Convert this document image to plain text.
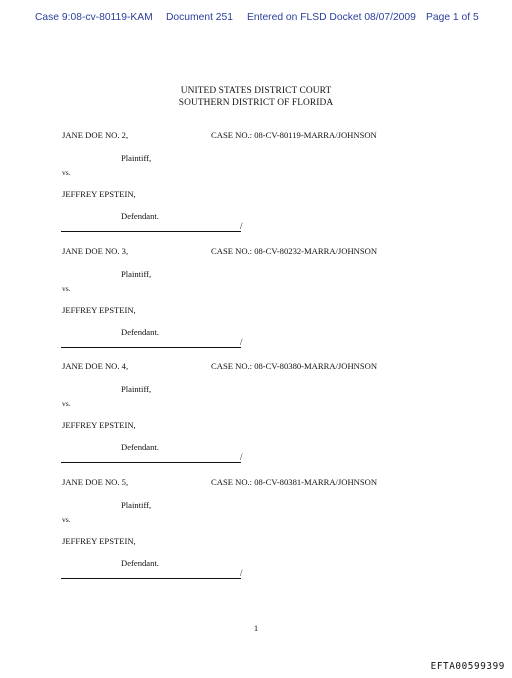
Case 9:08-cv-80119-KAM Document 251 Entered on FLSD Docket 08/07/2009 Page 1 of 5
UNITED STATES DISTRICT COURT
SOUTHERN DISTRICT OF FLORIDA
JANE DOE NO. 2,	CASE NO.: 08-CV-80119-MARRA/JOHNSON
Plaintiff,
vs.
JEFFREY EPSTEIN,
Defendant.
/
JANE DOE NO. 3,	CASE NO.: 08-CV-80232-MARRA/JOHNSON
Plaintiff,
vs.
JEFFREY EPSTEIN,
Defendant.
/
JANE DOE NO. 4,	CASE NO.: 08-CV-80380-MARRA/JOHNSON
Plaintiff,
vs.
JEFFREY EPSTEIN,
Defendant.
/
JANE DOE NO. 5,	CASE NO.: 08-CV-80381-MARRA/JOHNSON
Plaintiff,
vs.
JEFFREY EPSTEIN,
Defendant.
/
1
EFTA00599399
